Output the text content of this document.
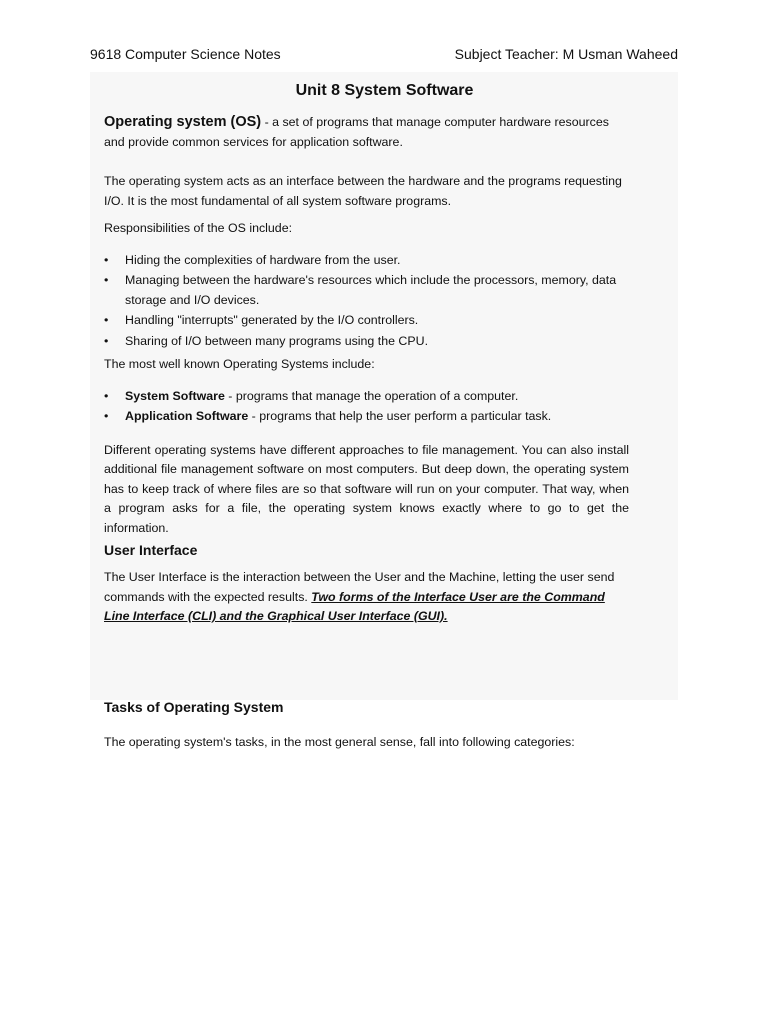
9618 Computer Science Notes	Subject Teacher: M Usman Waheed
Unit 8 System Software

Operating system (OS) - a set of programs that manage computer hardware resources and provide common services for application software.

The operating system acts as an interface between the hardware and the programs requesting I/O. It is the most fundamental of all system software programs.

Responsibilities of the OS include:

• Hiding the complexities of hardware from the user.
• Managing between the hardware's resources which include the processors, memory, data storage and I/O devices.
• Handling "interrupts" generated by the I/O controllers.
• Sharing of I/O between many programs using the CPU.

The most well known Operating Systems include:

• System Software - programs that manage the operation of a computer.
• Application Software - programs that help the user perform a particular task.

Different operating systems have different approaches to file management. You can also install additional file management software on most computers. But deep down, the operating system has to keep track of where files are so that software will run on your computer. That way, when a program asks for a file, the operating system knows exactly where to go to get the information.

User Interface

The User Interface is the interaction between the User and the Machine, letting the user send commands with the expected results. Two forms of the Interface User are the Command Line Interface (CLI) and the Graphical User Interface (GUI).

Tasks of Operating System

The operating system's tasks, in the most general sense, fall into following categories:
